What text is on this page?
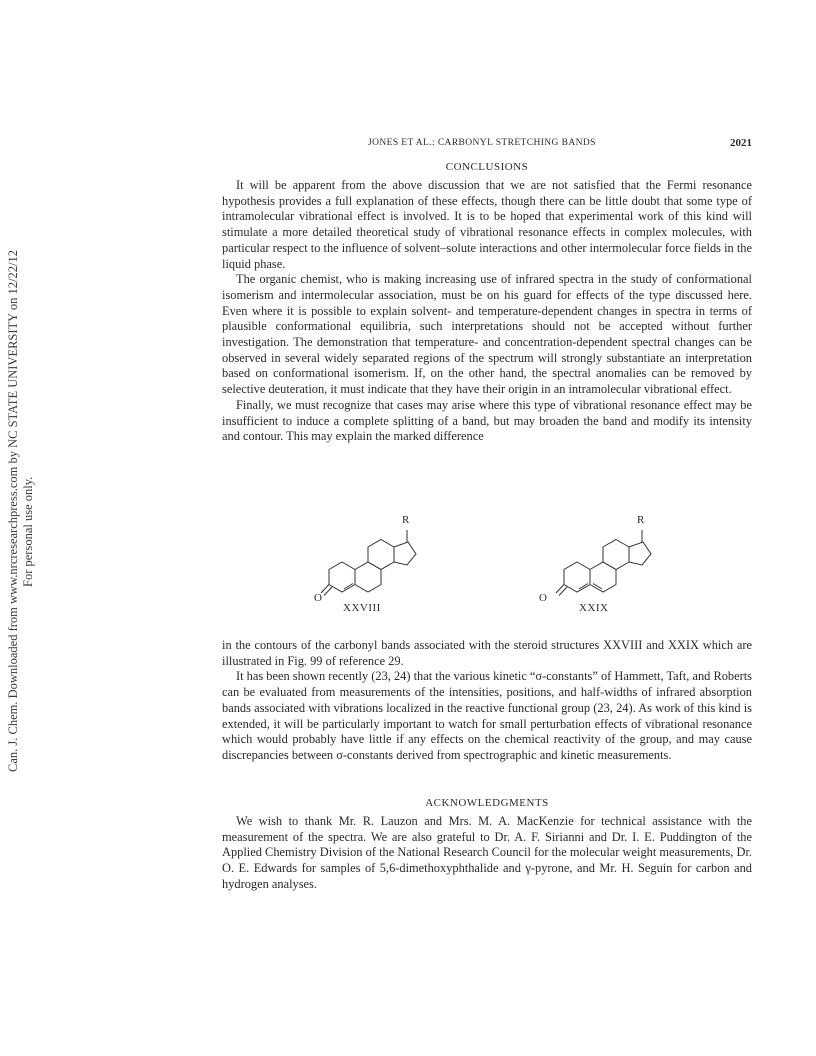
Can. J. Chem. Downloaded from www.nrcresearchpress.com by NC STATE UNIVERSITY on 12/22/12 For personal use only.
JONES ET AL.: CARBONYL STRETCHING BANDS	2021
CONCLUSIONS

It will be apparent from the above discussion that we are not satisfied that the Fermi resonance hypothesis provides a full explanation of these effects, though there can be little doubt that some type of intramolecular vibrational effect is involved. It is to be hoped that experimental work of this kind will stimulate a more detailed theoretical study of vibrational resonance effects in complex molecules, with particular respect to the influence of solvent–solute interactions and other intermolecular force fields in the liquid phase.

The organic chemist, who is making increasing use of infrared spectra in the study of conformational isomerism and intermolecular association, must be on his guard for effects of the type discussed here. Even where it is possible to explain solvent- and temperature-dependent changes in spectra in terms of plausible conformational equilibria, such interpretations should not be accepted without further investigation. The demonstration that temperature- and concentration-dependent spectral changes can be observed in several widely separated regions of the spectrum will strongly substantiate an interpretation based on conformational isomerism. If, on the other hand, the spectral anomalies can be removed by selective deuteration, it must indicate that they have their origin in an intramolecular vibrational effect.

Finally, we must recognize that cases may arise where this type of vibrational resonance effect may be insufficient to induce a complete splitting of a band, but may broaden the band and modify its intensity and contour. This may explain the marked difference

R
O
XXVIII
R
O
XXIX

in the contours of the carbonyl bands associated with the steroid structures XXVIII and XXIX which are illustrated in Fig. 99 of reference 29.

It has been shown recently (23, 24) that the various kinetic “σ-constants” of Hammett, Taft, and Roberts can be evaluated from measurements of the intensities, positions, and half-widths of infrared absorption bands associated with vibrations localized in the reactive functional group (23, 24). As work of this kind is extended, it will be particularly important to watch for small perturbation effects of vibrational resonance which would probably have little if any effects on the chemical reactivity of the group, and may cause discrepancies between σ-constants derived from spectrographic and kinetic measurements.

ACKNOWLEDGMENTS

We wish to thank Mr. R. Lauzon and Mrs. M. A. MacKenzie for technical assistance with the measurement of the spectra. We are also grateful to Dr. A. F. Sirianni and Dr. I. E. Puddington of the Applied Chemistry Division of the National Research Council for the molecular weight measurements, Dr. O. E. Edwards for samples of 5,6-dimethoxyphthalide and γ-pyrone, and Mr. H. Seguin for carbon and hydrogen analyses.
